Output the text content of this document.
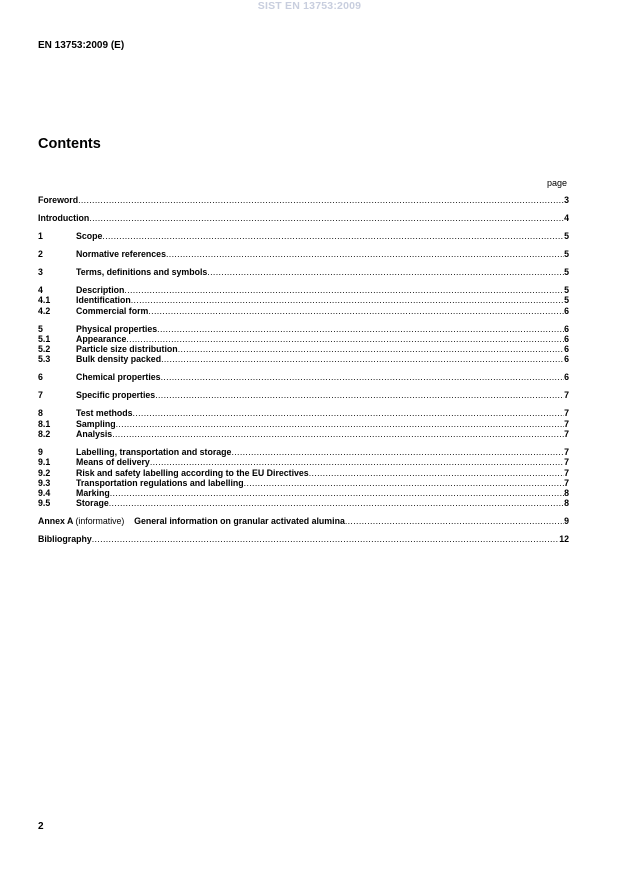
SIST EN 13753:2009
EN 13753:2009 (E)
Contents
page
Foreword .....	3
Introduction .....	4
1	Scope .....	5
2	Normative references .....	5
3	Terms, definitions and symbols .....	5
4	Description .....	5
4.1	Identification .....	5
4.2	Commercial form .....	6
5	Physical properties .....	6
5.1	Appearance .....	6
5.2	Particle size distribution .....	6
5.3	Bulk density packed .....	6
6	Chemical properties .....	6
7	Specific properties .....	7
8	Test methods .....	7
8.1	Sampling .....	7
8.2	Analysis .....	7
9	Labelling, transportation and storage .....	7
9.1	Means of delivery .....	7
9.2	Risk and safety labelling according to the EU Directives .....	7
9.3	Transportation regulations and labelling .....	7
9.4	Marking .....	8
9.5	Storage .....	8
Annex A (informative) General information on granular activated alumina .....	9
Bibliography .....	12
2
